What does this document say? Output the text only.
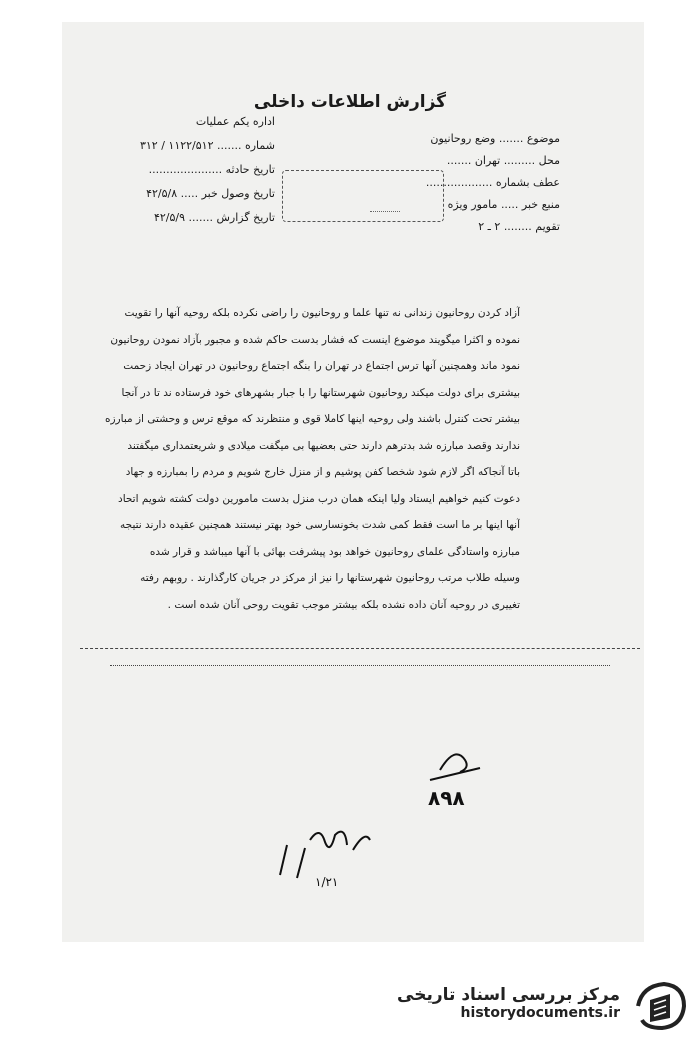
گزارش اطلاعات داخلی
اداره یکم عملیات
شماره ....... ۱۱۲۲/۵۱۲ / ۳۱۲
تاریخ حادثه .....................
تاریخ وصول خبر ..... ۴۲/۵/۸
تاریخ گزارش ....... ۴۲/۵/۹
موضوع ....... وضع روحانیون
محل ......... تهران .......
عطف بشماره ...................
منبع خبر ..... مامور ویژه
تقویم ........ ۲ ـ ۲

آزاد کردن روحانیون زندانی نه تنها علما و روحانیون را راضی نکرده بلکه روحیه آنها را تقویت

نموده و اکثرا میگویند موضوع اینست که فشار بدست حاکم شده و مجبور بآزاد نمودن روحانیون

نمود ماند وهمچنین آنها ترس اجتماع در تهران را بنگه اجتماع روحانیون در تهران ایجاد زحمت

بیشتری برای دولت میکند روحانیون شهرستانها را با جبار بشهرهای خود فرستاده ند تا در آنجا

بیشتر تحت کنترل باشند ولی روحیه اینها کاملا قوی و منتظرند که موقع ترس و وحشتی از مبارزه

ندارند وقصد مبارزه شد بدترهم دارند حتی بعضیها بی میگفت میلادی و شریعتمداری میگفتند

باتا آنجاکه اگر لازم شود شخصا کفن پوشیم و از منزل خارج شویم و مردم را بمبارزه و جهاد

دعوت کنیم خواهیم ایستاد ولیا اینکه همان درب منزل بدست مامورین دولت کشته شویم اتحاد

آنها اینها بر ما است فقط کمی شدت بخونسارسی خود بهتر نیستند همچنین عقیده دارند نتیجه

مبارزه واستادگی علمای روحانیون خواهد بود پیشرفت بهائی با آنها میباشد و قرار شده

وسیله طلاب مرتب روحانیون شهرستانها را نیز از مرکز در جریان کارگذارند . روبهم رفته

تغییری در روحیه آنان داده نشده بلکه بیشتر موجب تقویت روحی آنان شده است .

۸۹۸
۱/۲۱
مرکز بررسی اسناد تاریخی
historydocuments.ir
